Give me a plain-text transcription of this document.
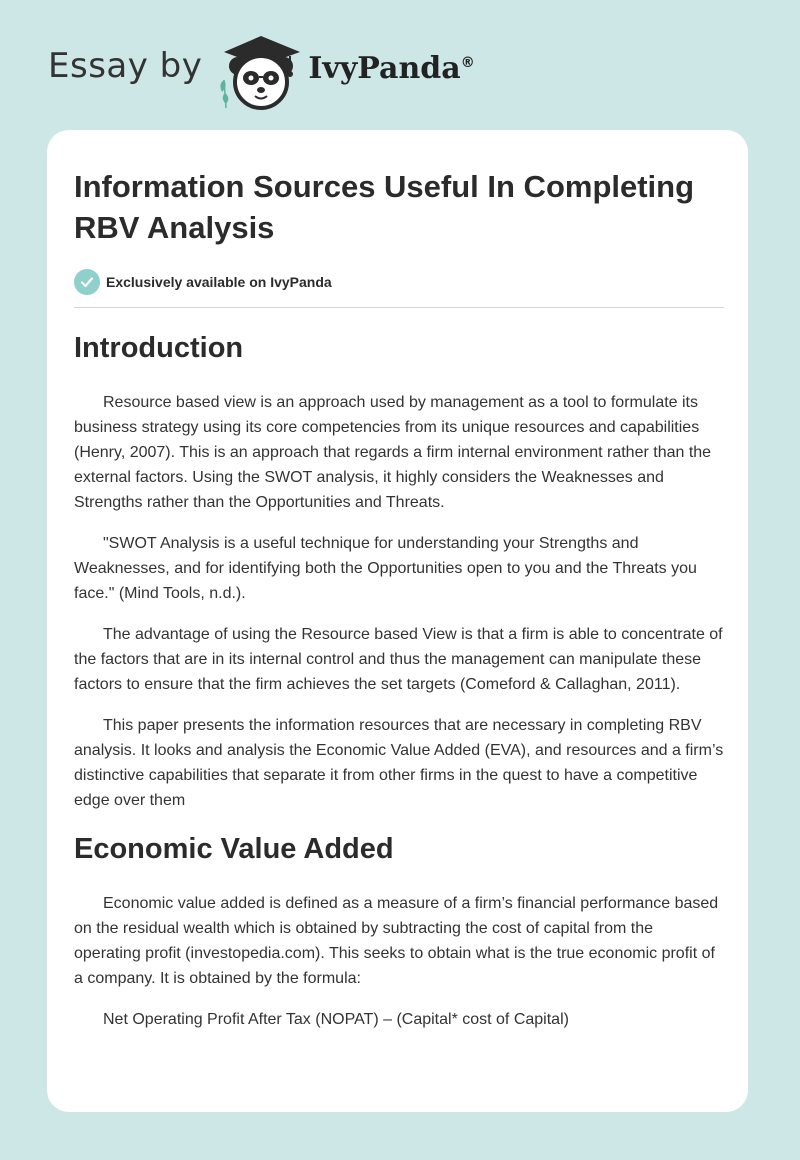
Essay by	IvyPanda®
Information Sources Useful In Completing RBV Analysis
Exclusively available on IvyPanda
Introduction

Resource based view is an approach used by management as a tool to formulate its business strategy using its core competencies from its unique resources and capabilities (Henry, 2007). This is an approach that regards a firm internal environment rather than the external factors. Using the SWOT analysis, it highly considers the Weaknesses and Strengths rather than the Opportunities and Threats.

"SWOT Analysis is a useful technique for understanding your Strengths and Weaknesses, and for identifying both the Opportunities open to you and the Threats you face." (Mind Tools, n.d.).

The advantage of using the Resource based View is that a firm is able to concentrate of the factors that are in its internal control and thus the management can manipulate these factors to ensure that the firm achieves the set targets (Comeford & Callaghan, 2011).

This paper presents the information resources that are necessary in completing RBV analysis. It looks and analysis the Economic Value Added (EVA), and resources and a firm’s distinctive capabilities that separate it from other firms in the quest to have a competitive edge over them

Economic Value Added

Economic value added is defined as a measure of a firm’s financial performance based on the residual wealth which is obtained by subtracting the cost of capital from the operating profit (investopedia.com). This seeks to obtain what is the true economic profit of a company. It is obtained by the formula:

Net Operating Profit After Tax (NOPAT) – (Capital* cost of Capital)
